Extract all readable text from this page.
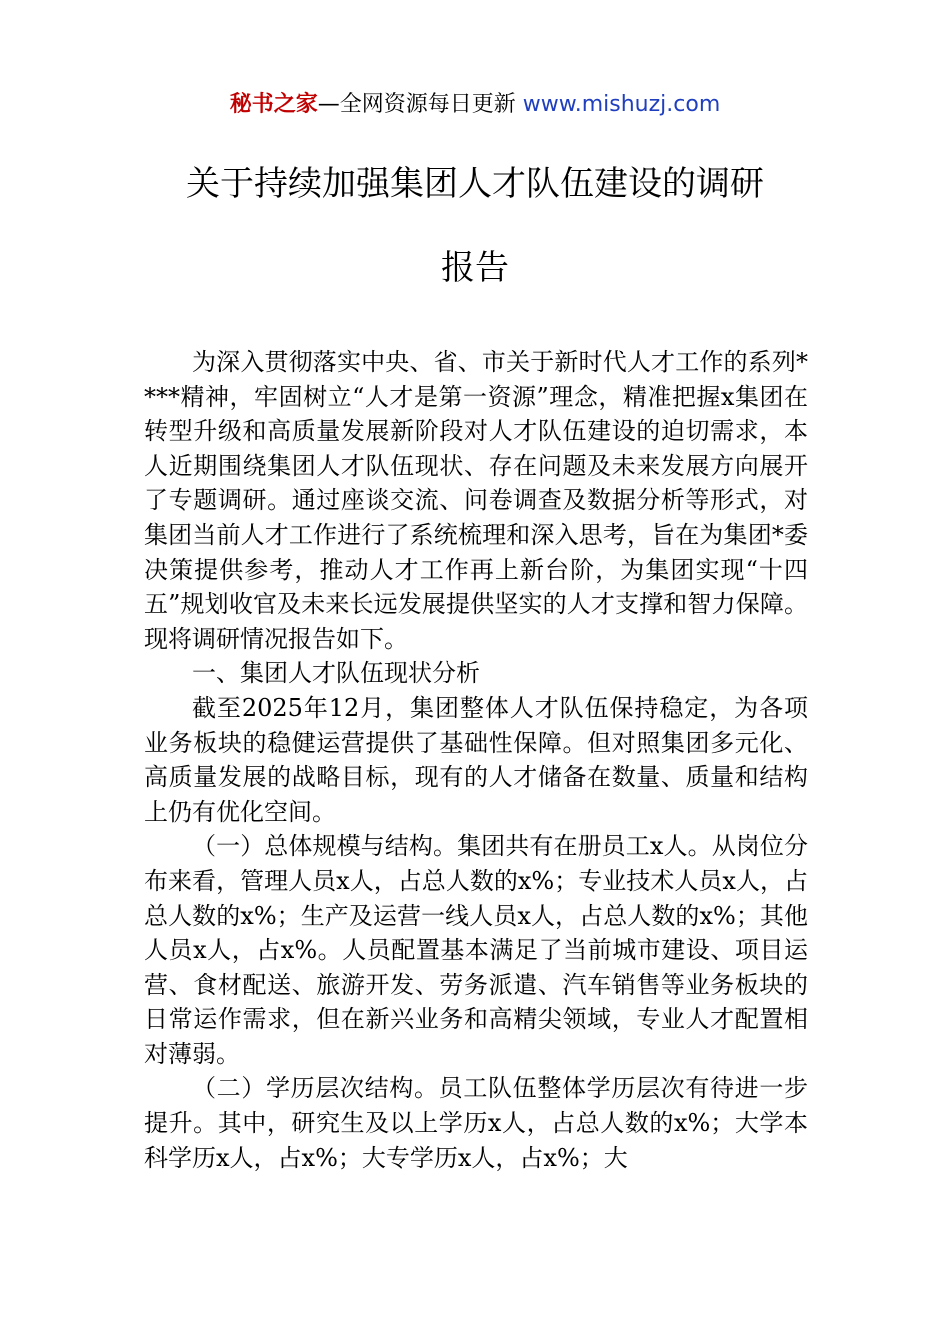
秘书之家—全网资源每日更新 www.mishuzj.com
关于持续加强集团人才队伍建设的调研
报告

为深入贯彻落实中央、省、市关于新时代人才工作的系列****精神，牢固树立“人才是第一资源”理念，精准把握x集团在转型升级和高质量发展新阶段对人才队伍建设的迫切需求，本人近期围绕集团人才队伍现状、存在问题及未来发展方向展开了专题调研。通过座谈交流、问卷调查及数据分析等形式，对集团当前人才工作进行了系统梳理和深入思考，旨在为集团*委决策提供参考，推动人才工作再上新台阶，为集团实现“十四五”规划收官及未来长远发展提供坚实的人才支撑和智力保障。现将调研情况报告如下。

一、集团人才队伍现状分析

截至2025年12月，集团整体人才队伍保持稳定，为各项业务板块的稳健运营提供了基础性保障。但对照集团多元化、高质量发展的战略目标，现有的人才储备在数量、质量和结构上仍有优化空间。

（一）总体规模与结构。集团共有在册员工x人。从岗位分布来看，管理人员x人，占总人数的x%；专业技术人员x人，占总人数的x%；生产及运营一线人员x人，占总人数的x%；其他人员x人，占x%。人员配置基本满足了当前城市建设、项目运营、食材配送、旅游开发、劳务派遣、汽车销售等业务板块的日常运作需求，但在新兴业务和高精尖领域，专业人才配置相对薄弱。

（二）学历层次结构。员工队伍整体学历层次有待进一步提升。其中，研究生及以上学历x人，占总人数的x%；大学本科学历x人，占x%；大专学历x人，占x%；大
